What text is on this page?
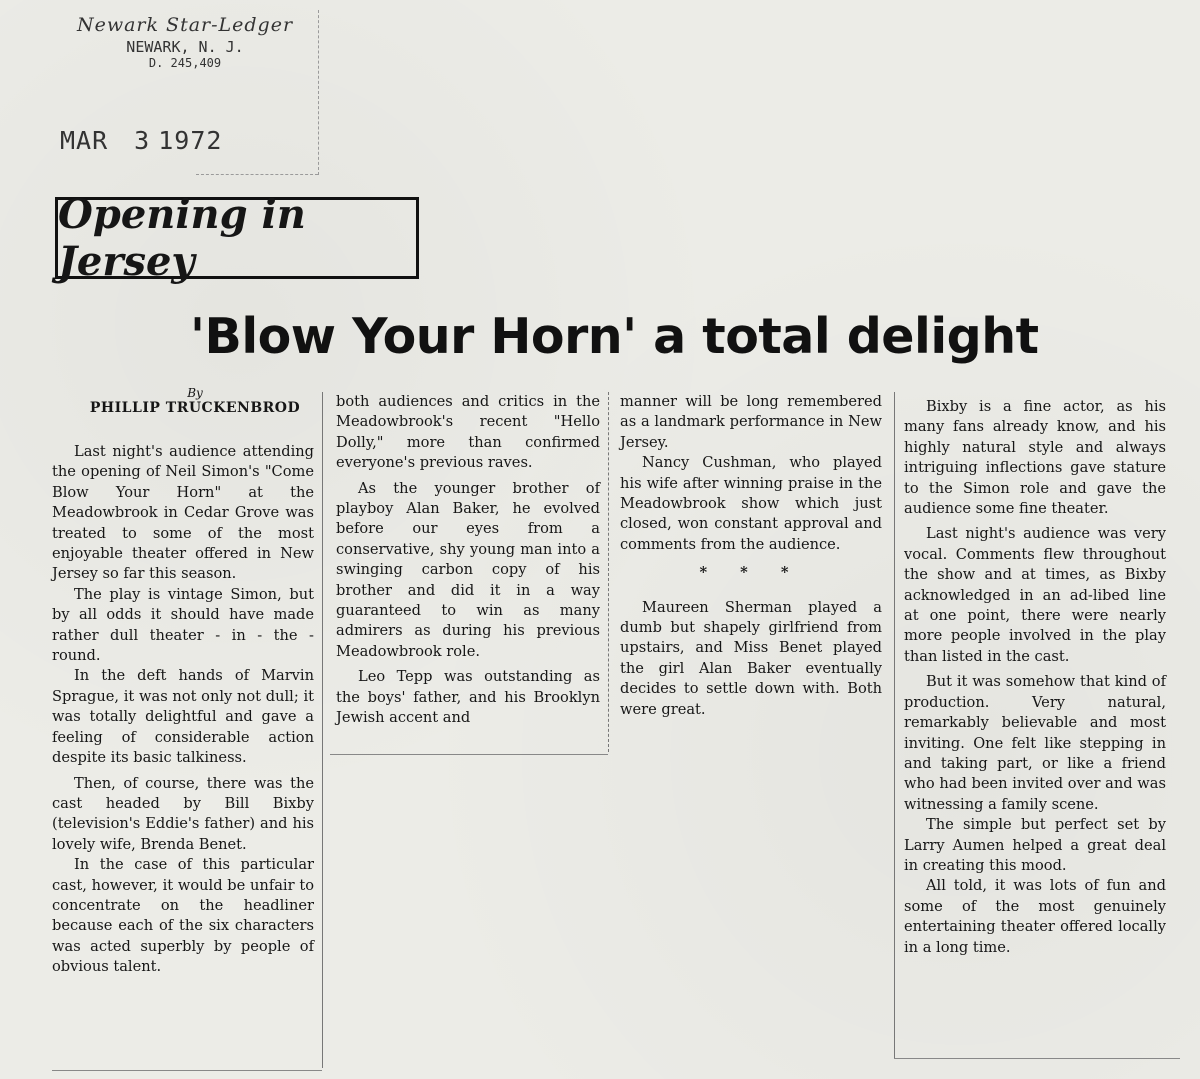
Newark Star-Ledger
NEWARK, N. J.
D. 245,409
MAR 3 1972
Opening in Jersey
'Blow Your Horn' a total delight
By
PHILLIP TRUCKENBROD

Last night's audience attending the opening of Neil Simon's "Come Blow Your Horn" at the Meadowbrook in Cedar Grove was treated to some of the most enjoyable theater offered in New Jersey so far this season.

The play is vintage Simon, but by all odds it should have made rather dull theater - in - the - round.

In the deft hands of Marvin Sprague, it was not only not dull; it was totally delightful and gave a feeling of considerable action despite its basic talkiness.

Then, of course, there was the cast headed by Bill Bixby (television's Eddie's father) and his lovely wife, Brenda Benet.

In the case of this particular cast, however, it would be unfair to concentrate on the headliner because each of the six characters was acted superbly by people of obvious talent.

both audiences and critics in the Meadowbrook's recent "Hello Dolly," more than confirmed everyone's previous raves.

As the younger brother of playboy Alan Baker, he evolved before our eyes from a conservative, shy young man into a swinging carbon copy of his brother and did it in a way guaranteed to win as many admirers as during his previous Meadowbrook role.

Leo Tepp was outstanding as the boys' father, and his Brooklyn Jewish accent and

manner will be long remembered as a landmark performance in New Jersey.

Nancy Cushman, who played his wife after winning praise in the Meadowbrook show which just closed, won constant approval and comments from the audience.

* * *

Maureen Sherman played a dumb but shapely girlfriend from upstairs, and Miss Benet played the girl Alan Baker eventually decides to settle down with. Both were great.

Bixby is a fine actor, as his many fans already know, and his highly natural style and always intriguing inflections gave stature to the Simon role and gave the audience some fine theater.

Last night's audience was very vocal. Comments flew throughout the show and at times, as Bixby acknowledged in an ad-libed line at one point, there were nearly more people involved in the play than listed in the cast.

But it was somehow that kind of production. Very natural, remarkably believable and most inviting. One felt like stepping in and taking part, or like a friend who had been invited over and was witnessing a family scene.

The simple but perfect set by Larry Aumen helped a great deal in creating this mood.

All told, it was lots of fun and some of the most genuinely entertaining theater offered locally in a long time.
